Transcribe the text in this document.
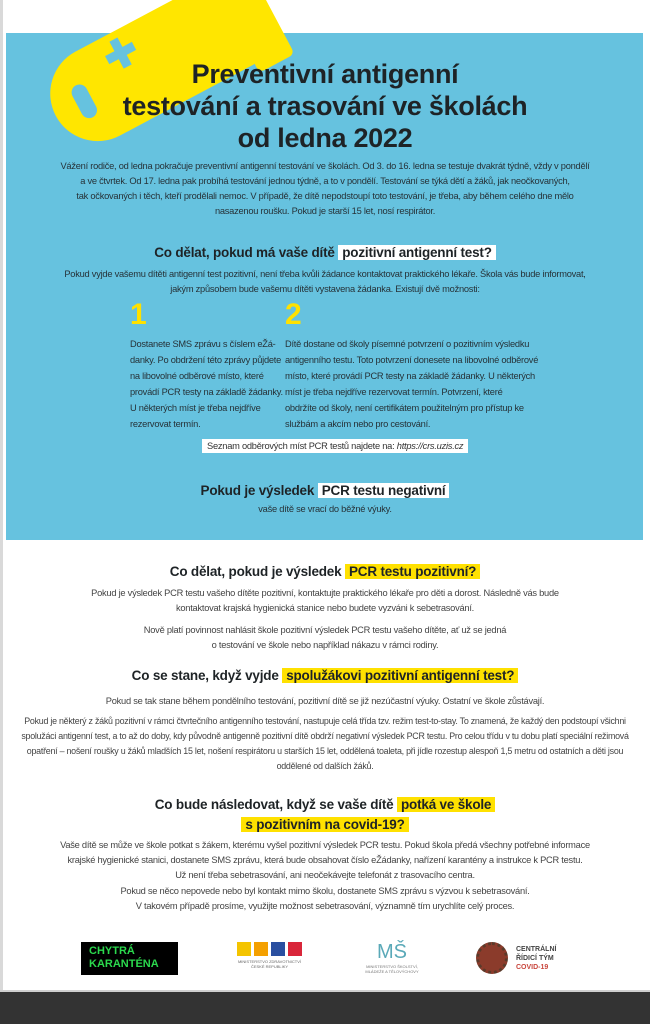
✚	Preventivní antigenní
testování a trasování ve školách
od ledna 2022
Vážení rodiče, od ledna pokračuje preventivní antigenní testování ve školách. Od 3. do 16. ledna se testuje dvakrát týdně, vždy v pondělí
a ve čtvrtek. Od 17. ledna pak probíhá testování jednou týdně, a to v pondělí. Testování se týká dětí a žáků, jak neočkovaných,
tak očkovaných i těch, kteří prodělali nemoc. V případě, že dítě nepodstoupí toto testování, je třeba, aby během celého dne mělo
nasazenou roušku. Pokud je starší 15 let, nosí respirátor.
Co dělat, pokud má vaše dítě pozitivní antigenní test?
Pokud vyjde vašemu dítěti antigenní test pozitivní, není třeba kvůli žádance kontaktovat praktického lékaře. Škola vás bude informovat,
jakým způsobem bude vašemu dítěti vystavena žádanka. Existují dvě možnosti:
1
Dostanete SMS zprávu s číslem eŽá-
danky. Po obdržení této zprávy půjdete
na libovolné odběrové místo, které
provádí PCR testy na základě žádanky.
U některých míst je třeba nejdříve
rezervovat termín.
2
Dítě dostane od školy písemné potvrzení o pozitivním výsledku
antigenního testu. Toto potvrzení donesete na libovolné odběrové
místo, které provádí PCR testy na základě žádanky. U některých
míst je třeba nejdříve rezervovat termín. Potvrzení, které
obdržíte od školy, není certifikátem použitelným pro přístup ke
službám a akcím nebo pro cestování.
Seznam odběrových míst PCR testů najdete na: https://crs.uzis.cz
Pokud je výsledek PCR testu negativní
vaše dítě se vrací do běžné výuky.
Co dělat, pokud je výsledek PCR testu pozitivní?
Pokud je výsledek PCR testu vašeho dítěte pozitivní, kontaktujte praktického lékaře pro děti a dorost. Následně vás bude
kontaktovat krajská hygienická stanice nebo budete vyzváni k sebetrasování.
Nově platí povinnost nahlásit škole pozitivní výsledek PCR testu vašeho dítěte, ať už se jedná
o testování ve škole nebo například nákazu v rámci rodiny.
Co se stane, když vyjde spolužákovi pozitivní antigenní test?
Pokud se tak stane během pondělního testování, pozitivní dítě se již nezúčastní výuky. Ostatní ve škole zůstávají.
Pokud je některý z žáků pozitivní v rámci čtvrtečního antigenního testování, nastupuje celá třída tzv. režim test-to-stay. To znamená, že každý den podstoupí všichni
spolužáci antigenní test, a to až do doby, kdy původně antigenně pozitivní dítě obdrží negativní výsledek PCR testu. Pro celou třídu v tu dobu platí speciální režimová
opatření – nošení roušky u žáků mladších 15 let, nošení respirátoru u starších 15 let, oddělená toaleta, při jídle rozestup alespoň 1,5 metru od ostatních a děti jsou
oddělené od dalších žáků.
Co bude následovat, když se vaše dítě potká ve škole
s pozitivním na covid-19?
Vaše dítě se může ve škole potkat s žákem, kterému vyšel pozitivní výsledek PCR testu. Pokud škola předá všechny potřebné informace
krajské hygienické stanici, dostanete SMS zprávu, která bude obsahovat číslo eŽádanky, nařízení karantény a instrukce k PCR testu.
Už není třeba sebetrasování, ani neočekávejte telefonát z trasovacího centra.
Pokud se něco nepovede nebo byl kontakt mimo školu, dostanete SMS zprávu s výzvou k sebetrasování.
V takovém případě prosíme, využijte možnost sebetrasování, významně tím urychlíte celý proces.
CHYTRÁ
KARANTÉNA	MINISTERSTVO ZDRAVOTNICTVÍ
ČESKÉ REPUBLIKY
MŠ
MINISTERSTVO ŠKOLSTVÍ,
MLÁDEŽE A TĚLOVÝCHOVY
CENTRÁLNÍ
ŘÍDICÍ TÝM
COVID-19
